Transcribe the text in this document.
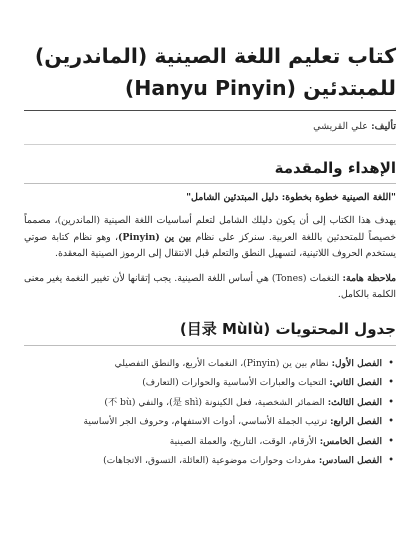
كتاب تعليم اللغة الصينية (الماندرين)
للمبتدئين (Hanyu Pinyin)
تأليف: علي القريشي
الإهداء والمقدمة
"اللغة الصينية خطوة بخطوة: دليل المبتدئين الشامل"

يهدف هذا الكتاب إلى أن يكون دليلك الشامل لتعلم أساسيات اللغة الصينية (الماندرين)، مصمماً خصيصاً للمتحدثين باللغة العربية. سنركز على نظام بين ين (Pinyin)، وهو نظام كتابة صوتي يستخدم الحروف اللاتينية، لتسهيل النطق والتعلم قبل الانتقال إلى الرموز الصينية المعقدة.

ملاحظة هامة: النغمات (Tones) هي أساس اللغة الصينية. يجب إتقانها لأن تغيير النغمة يغير معنى الكلمة بالكامل.

جدول المحتويات (目录 Mùlù)
• الفصل الأول: نظام بين ين (Pinyin)، النغمات الأربع، والنطق التفصيلي
• الفصل الثاني: التحيات والعبارات الأساسية والحوارات (التعارف)
• الفصل الثالث: الضمائر الشخصية، فعل الكينونة (是 shì)، والنفي (不 bù)
• الفصل الرابع: ترتيب الجملة الأساسي، أدوات الاستفهام، وحروف الجر الأساسية
• الفصل الخامس: الأرقام، الوقت، التاريخ، والعملة الصينية
• الفصل السادس: مفردات وحوارات موضوعية (العائلة، التسوق، الاتجاهات)
